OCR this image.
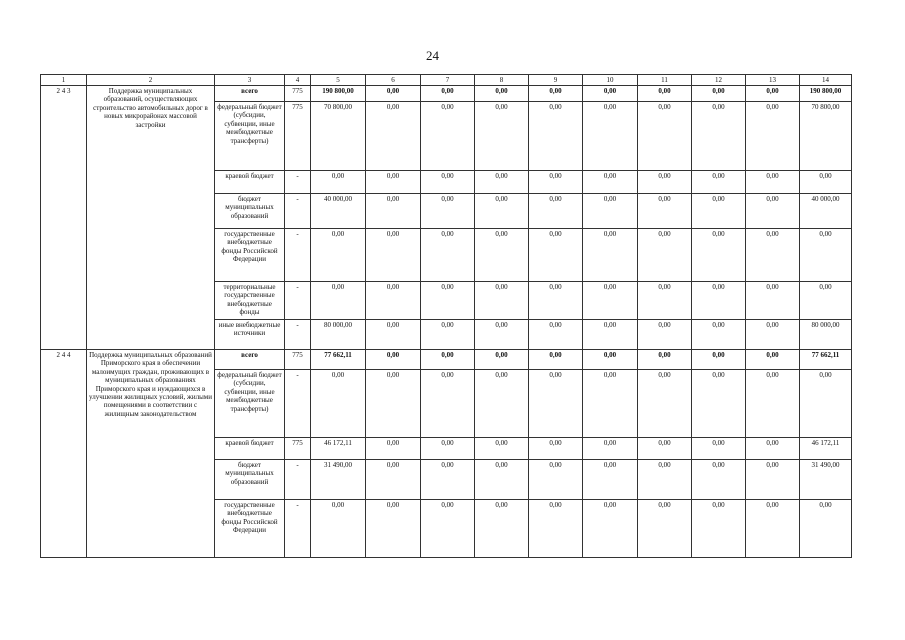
24
1	2	3	4	5	6	7	8	9	10	11	12	13	14
2 4 3	Поддержка муниципальных образований, осуществляющих строительство автомобильных дорог в новых микрорайонах массовой застройки	всего	775	190 800,00	0,00	0,00	0,00	0,00	0,00	0,00	0,00	0,00	190 800,00
		федеральный бюджет (субсидии, субвенции, иные межбюджетные трансферты)	775	70 800,00	0,00	0,00	0,00	0,00	0,00	0,00	0,00	0,00	70 800,00
		краевой бюджет	-	0,00	0,00	0,00	0,00	0,00	0,00	0,00	0,00	0,00	0,00
		бюджет муниципальных образований	-	40 000,00	0,00	0,00	0,00	0,00	0,00	0,00	0,00	0,00	40 000,00
		государственные внебюджетные фонды Российской Федерации	-	0,00	0,00	0,00	0,00	0,00	0,00	0,00	0,00	0,00	0,00
		территориальные государственные внебюджетные фонды	-	0,00	0,00	0,00	0,00	0,00	0,00	0,00	0,00	0,00	0,00
		иные внебюджетные источники	-	80 000,00	0,00	0,00	0,00	0,00	0,00	0,00	0,00	0,00	80 000,00
2 4 4	Поддержка муниципальных образований Приморского края в обеспечении малоимущих граждан, проживающих в муниципальных образованиях Приморского края и нуждающихся в улучшении жилищных условий, жилыми помещениями в соответствии с жилищным законодательством	всего	775	77 662,11	0,00	0,00	0,00	0,00	0,00	0,00	0,00	0,00	77 662,11
		федеральный бюджет (субсидии, субвенции, иные межбюджетные трансферты)	-	0,00	0,00	0,00	0,00	0,00	0,00	0,00	0,00	0,00	0,00
		краевой бюджет	775	46 172,11	0,00	0,00	0,00	0,00	0,00	0,00	0,00	0,00	46 172,11
		бюджет муниципальных образований	-	31 490,00	0,00	0,00	0,00	0,00	0,00	0,00	0,00	0,00	31 490,00
		государственные внебюджетные фонды Российской Федерации	-	0,00	0,00	0,00	0,00	0,00	0,00	0,00	0,00	0,00	0,00
